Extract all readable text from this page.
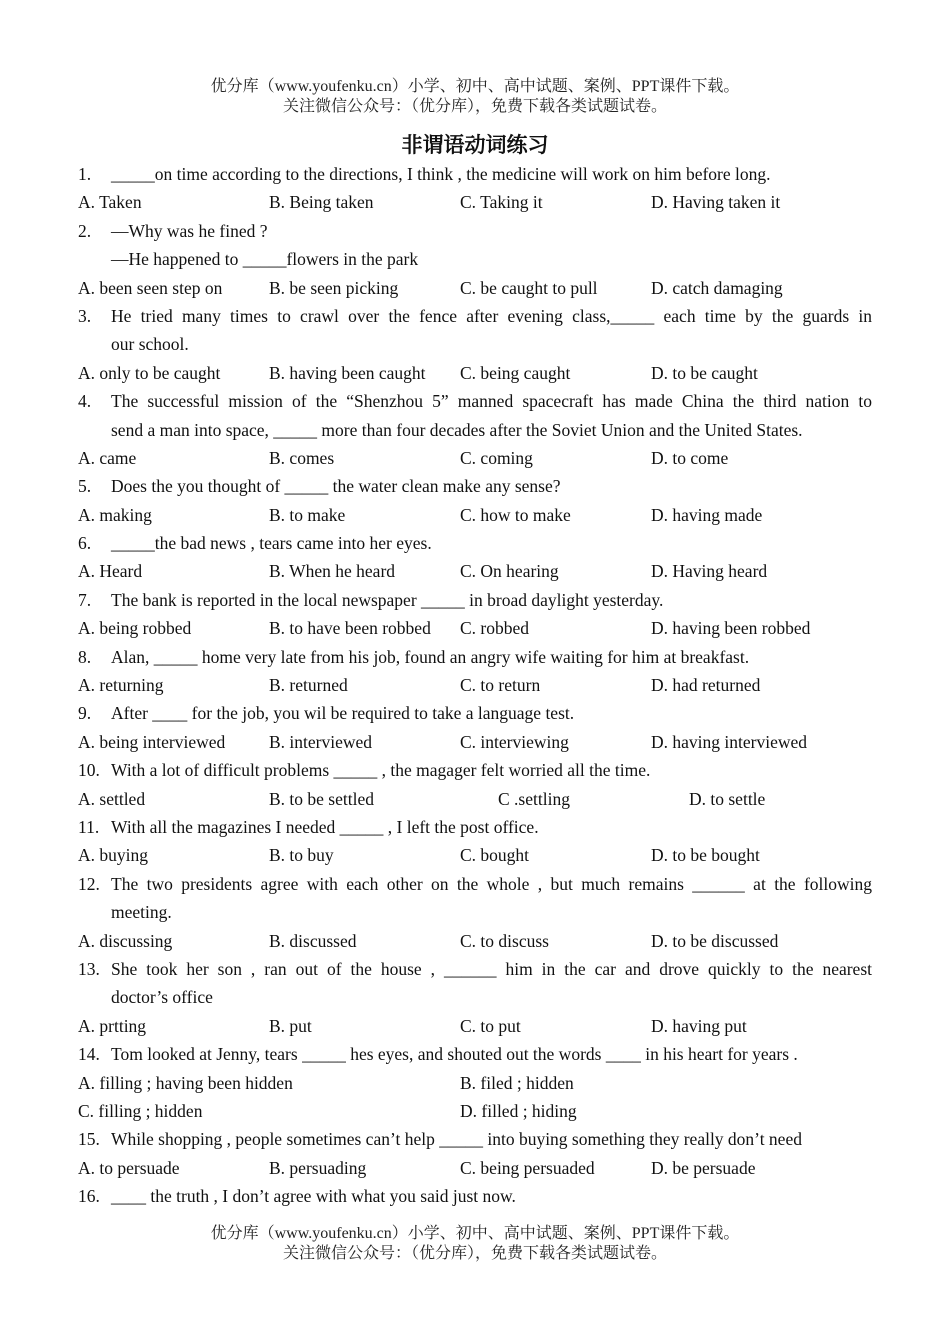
优分库（www.youfenku.cn）小学、初中、高中试题、案例、PPT课件下载。
关注微信公众号：（优分库），免费下载各类试题试卷。
非谓语动词练习
1.	_____on time according to the directions, I think , the medicine will work on him before long.
A. Taken	B. Being taken	C. Taking it	D. Having taken it
2.	—Why was he fined ?
—He happened to _____flowers in the park
A. been seen step on	B. be seen picking	C. be caught to pull	D. catch damaging
3.	He tried many times to crawl over the fence after evening class,_____ each time by the guards in
our school.
A. only to be caught	B. having been caught C. being caught	D. to be caught
4.	The successful mission of the “Shenzhou 5” manned spacecraft has made China the third nation to
send a man into space, _____ more than four decades after the Soviet Union and the United States.
A. came	B. comes	C. coming	D. to come
5.	Does the you thought of _____ the water clean make any sense?
A. making	B. to make	C. how to make	D. having made
6.	_____the bad news , tears came into her eyes.
A. Heard	B. When he heard	C. On hearing	D. Having heard
7.	The bank is reported in the local newspaper _____ in broad daylight yesterday.
A. being robbed	B. to have been robbed C. robbed	D. having been robbed
8.	Alan, _____ home very late from his job, found an angry wife waiting for him at breakfast.
A. returning	B. returned	C. to return	D. had returned
9.	After ____ for the job, you wil be required to take a language test.
A. being interviewed	B. interviewed	C. interviewing	D. having interviewed
10. With a lot of difficult problems _____ , the magager felt worried all the time.
A. settled	B. to be settled	C .settling	D. to settle
11. With all the magazines I needed _____ , I left the post office.
A. buying	B. to buy	C. bought	D. to be bought
12. The two presidents agree with each other on the whole , but much remains ______ at the following
meeting.
A. discussing	B. discussed	C. to discuss	D. to be discussed
13. She took her son , ran out of the house , ______ him in the car and drove quickly to the nearest
doctor’s office
A. prtting	B. put	C. to put	D. having put
14. Tom looked at Jenny, tears _____ hes eyes, and shouted out the words ____ in his heart for years .
A. filling ; having been hidden	B. filed ; hidden
C. filling ; hidden	D. filled ; hiding
15. While shopping , people sometimes can’t help _____ into buying something they really don’t need
A. to persuade	B. persuading	C. being persuaded	D. be persuade
16. ____ the truth , I don’t agree with what you said just now.
优分库（www.youfenku.cn）小学、初中、高中试题、案例、PPT课件下载。
关注微信公众号：（优分库），免费下载各类试题试卷。
